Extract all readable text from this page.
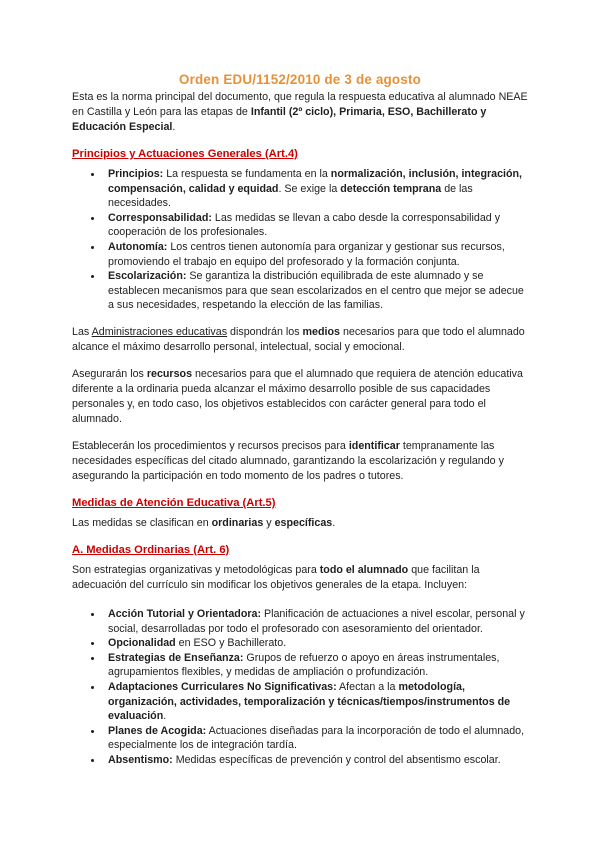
Orden EDU/1152/2010 de 3 de agosto

Esta es la norma principal del documento, que regula la respuesta educativa al alumnado NEAE en Castilla y León para las etapas de Infantil (2º ciclo), Primaria, ESO, Bachillerato y Educación Especial.

Principios y Actuaciones Generales (Art.4)
• Principios: La respuesta se fundamenta en la normalización, inclusión, integración, compensación, calidad y equidad. Se exige la detección temprana de las necesidades.
• Corresponsabilidad: Las medidas se llevan a cabo desde la corresponsabilidad y cooperación de los profesionales.
• Autonomía: Los centros tienen autonomía para organizar y gestionar sus recursos, promoviendo el trabajo en equipo del profesorado y la formación conjunta.
• Escolarización: Se garantiza la distribución equilibrada de este alumnado y se establecen mecanismos para que sean escolarizados en el centro que mejor se adecue a sus necesidades, respetando la elección de las familias.

Las Administraciones educativas dispondrán los medios necesarios para que todo el alumnado alcance el máximo desarrollo personal, intelectual, social y emocional.

Asegurarán los recursos necesarios para que el alumnado que requiera de atención educativa diferente a la ordinaria pueda alcanzar el máximo desarrollo posible de sus capacidades personales y, en todo caso, los objetivos establecidos con carácter general para todo el alumnado.

Establecerán los procedimientos y recursos precisos para identificar tempranamente las necesidades específicas del citado alumnado, garantizando la escolarización y regulando y asegurando la participación en todo momento de los padres o tutores.

Medidas de Atención Educativa (Art.5)

Las medidas se clasifican en ordinarias y específicas.

A. Medidas Ordinarias (Art. 6)

Son estrategias organizativas y metodológicas para todo el alumnado que facilitan la adecuación del currículo sin modificar los objetivos generales de la etapa. Incluyen:

• Acción Tutorial y Orientadora: Planificación de actuaciones a nivel escolar, personal y social, desarrolladas por todo el profesorado con asesoramiento del orientador.
• Opcionalidad en ESO y Bachillerato.
• Estrategias de Enseñanza: Grupos de refuerzo o apoyo en áreas instrumentales, agrupamientos flexibles, y medidas de ampliación o profundización.
• Adaptaciones Curriculares No Significativas: Afectan a la metodología, organización, actividades, temporalización y técnicas/tiempos/instrumentos de evaluación.
• Planes de Acogida: Actuaciones diseñadas para la incorporación de todo el alumnado, especialmente los de integración tardía.
• Absentismo: Medidas específicas de prevención y control del absentismo escolar.
